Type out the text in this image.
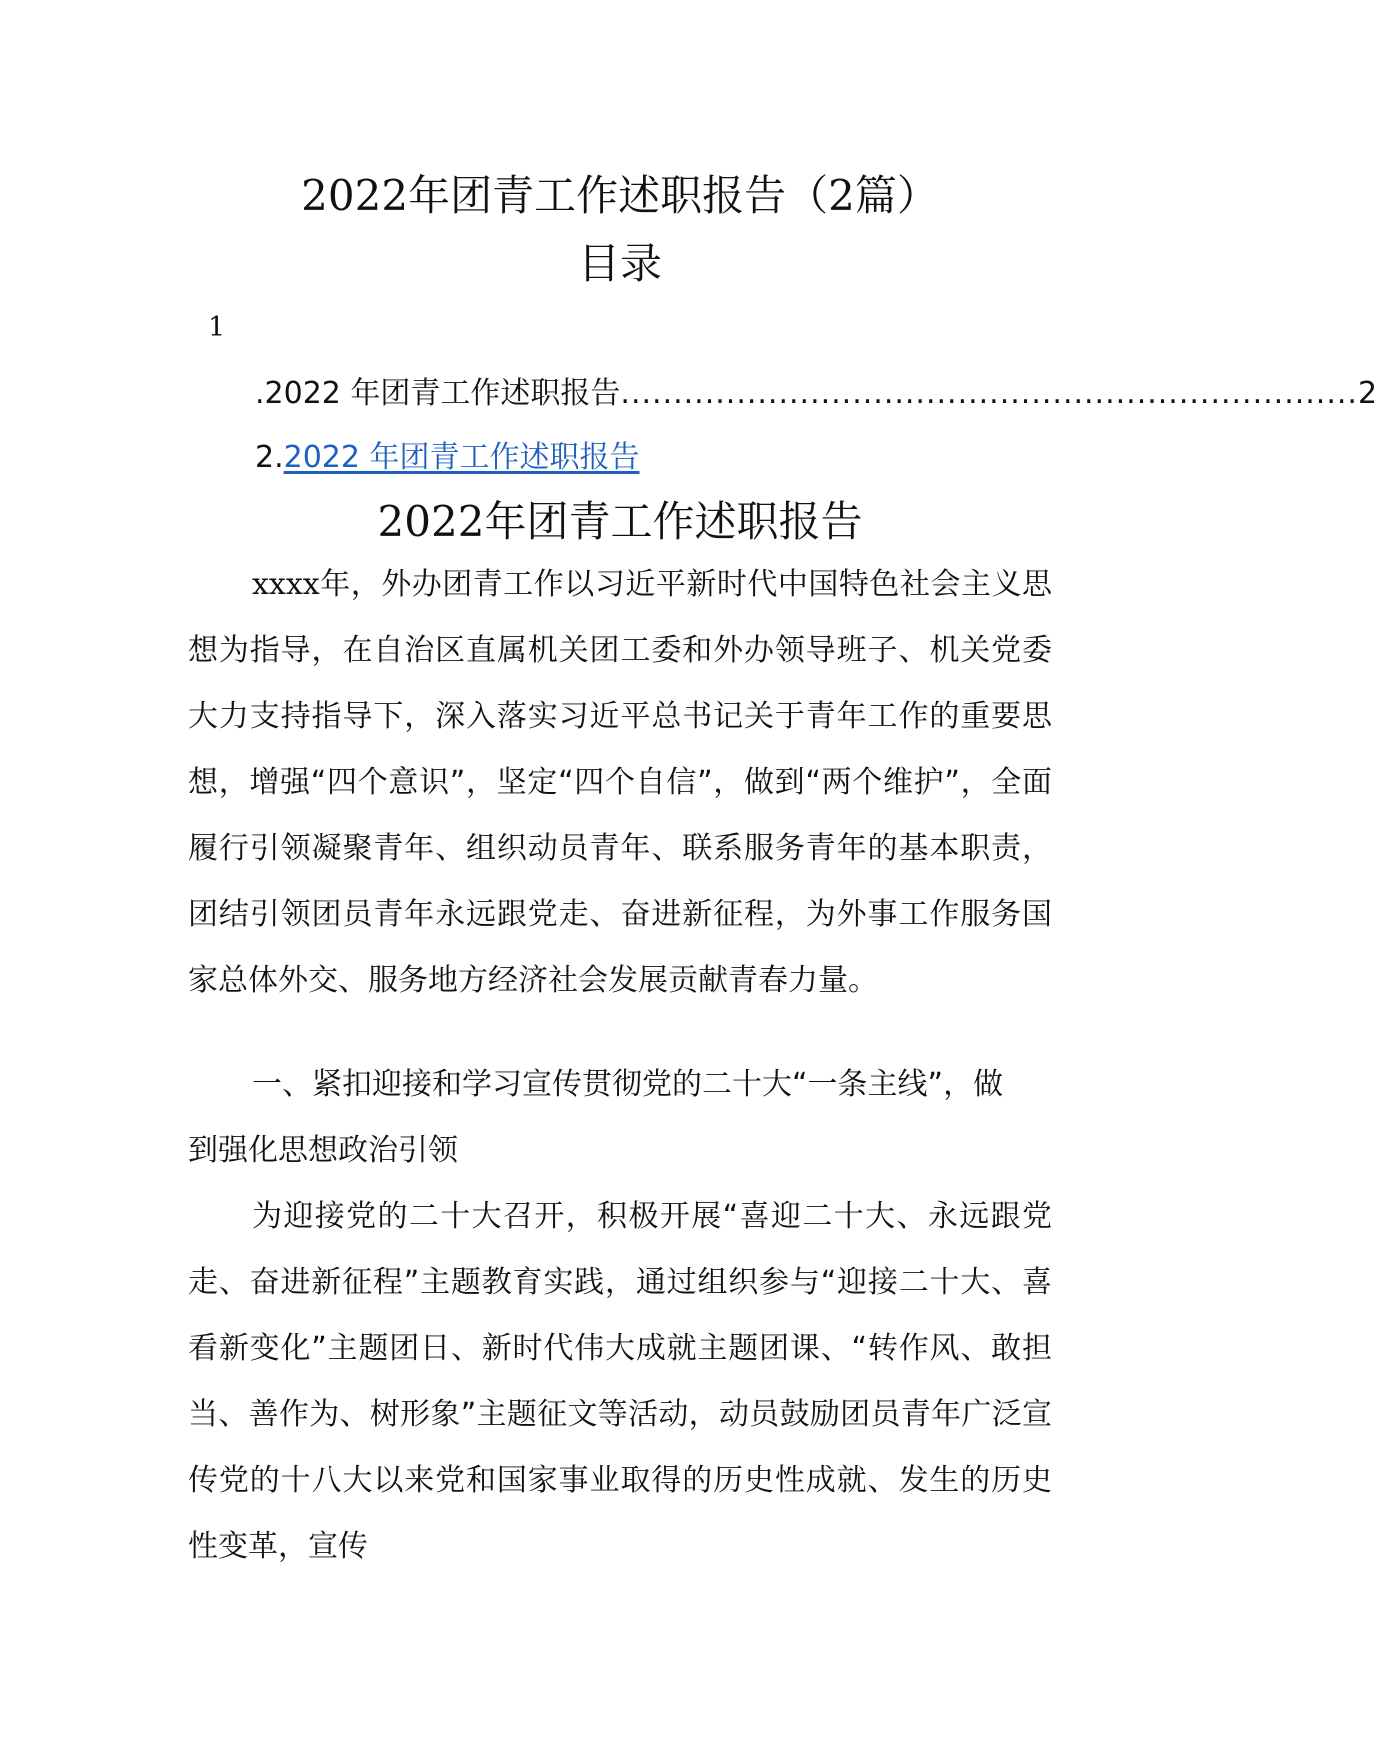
2022年团青工作述职报告（2篇）
目录
1
.2022 年团青工作述职报告 ...................................................................... 2
2.2022 年团青工作述职报告
2022年团青工作述职报告

xxxx年，外办团青工作以习近平新时代中国特色社会主义思想为指导，在自治区直属机关团工委和外办领导班子、机关党委大力支持指导下，深入落实习近平总书记关于青年工作的重要思想，增强“四个意识”，坚定“四个自信”，做到“两个维护”，全面履行引领凝聚青年、组织动员青年、联系服务青年的基本职责，团结引领团员青年永远跟党走、奋进新征程，为外事工作服务国家总体外交、服务地方经济社会发展贡献青春力量。

一、紧扣迎接和学习宣传贯彻党的二十大“一条主线”，做到强化思想政治引领

为迎接党的二十大召开，积极开展“喜迎二十大、永远跟党走、奋进新征程”主题教育实践，通过组织参与“迎接二十大、喜看新变化”主题团日、新时代伟大成就主题团课、“转作风、敢担当、善作为、树形象”主题征文等活动，动员鼓励团员青年广泛宣传党的十八大以来党和国家事业取得的历史性成就、发生的历史性变革，宣传
